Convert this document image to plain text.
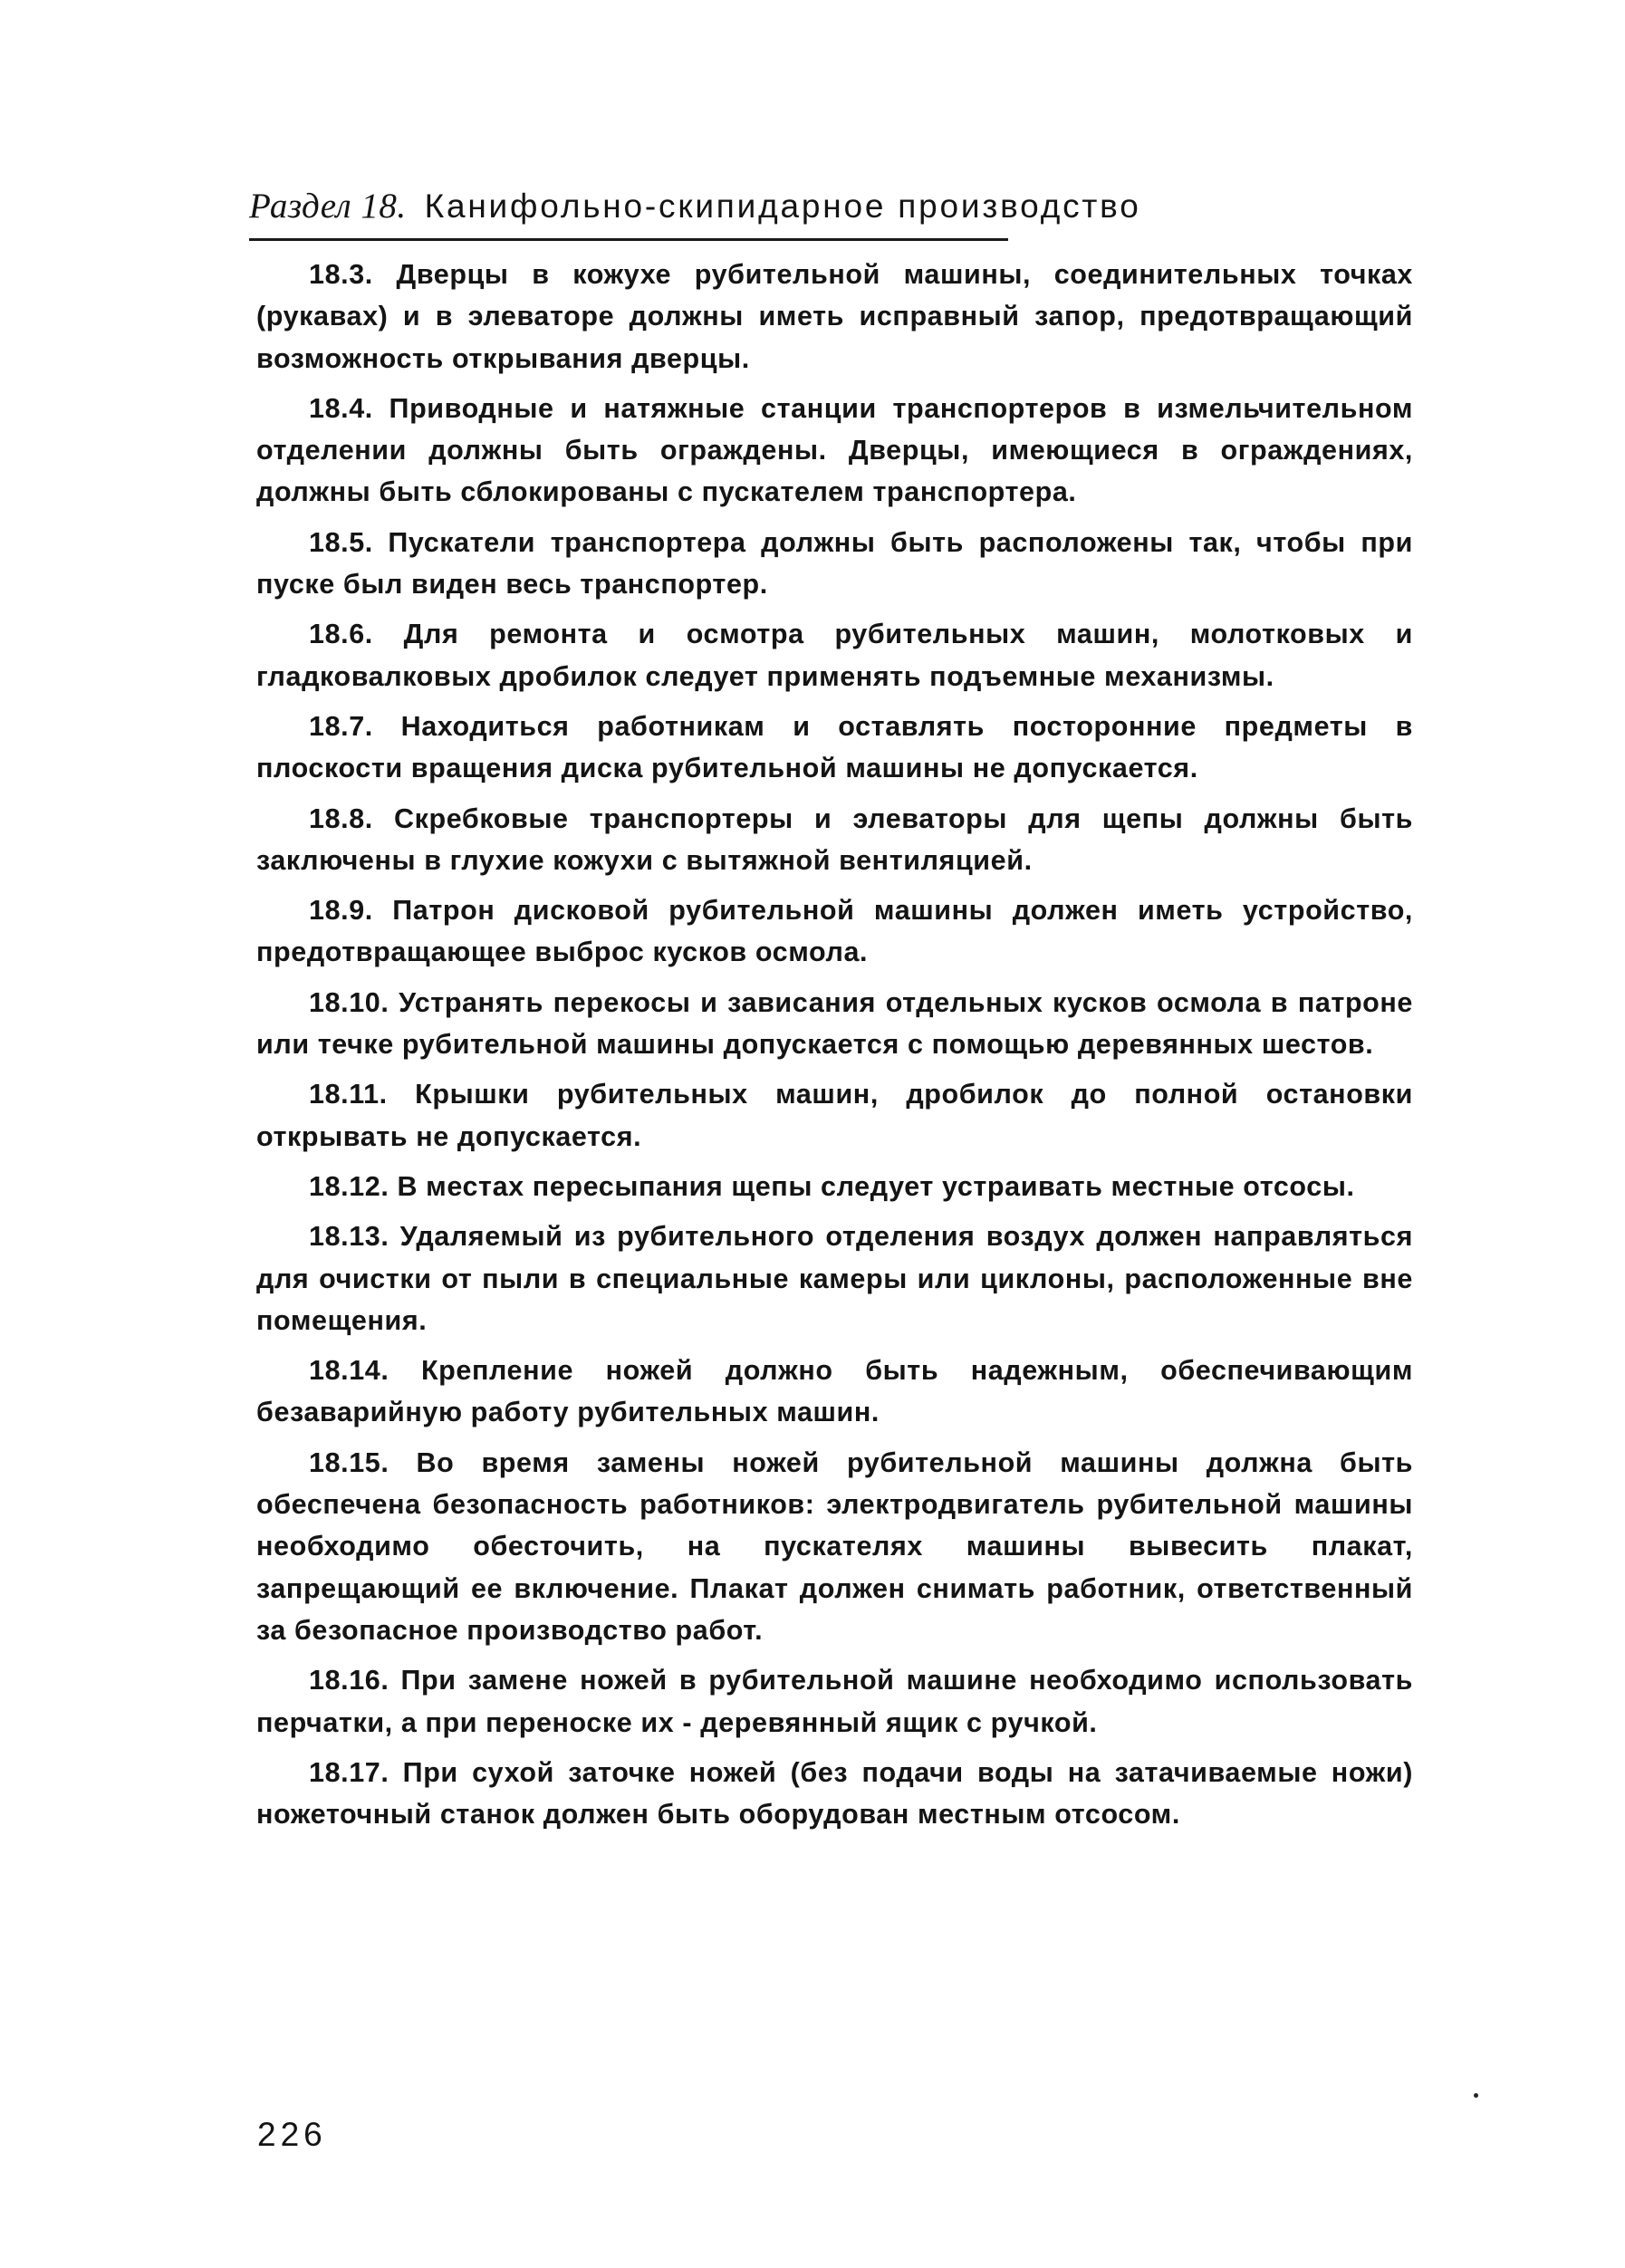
Раздел 18. Канифольно-скипидарное производство

18.3. Дверцы в кожухе рубительной машины, соединительных точках (рукавах) и в элеваторе должны иметь исправный запор, предотвращающий возможность открывания дверцы.

18.4. Приводные и натяжные станции транспортеров в измельчительном отделении должны быть ограждены. Дверцы, имеющиеся в ограждениях, должны быть сблокированы с пускателем транспортера.

18.5. Пускатели транспортера должны быть расположены так, чтобы при пуске был виден весь транспортер.

18.6. Для ремонта и осмотра рубительных машин, молотковых и гладковалковых дробилок следует применять подъемные механизмы.

18.7. Находиться работникам и оставлять посторонние предметы в плоскости вращения диска рубительной машины не допускается.

18.8. Скребковые транспортеры и элеваторы для щепы должны быть заключены в глухие кожухи с вытяжной вентиляцией.

18.9. Патрон дисковой рубительной машины должен иметь устройство, предотвращающее выброс кусков осмола.

18.10. Устранять перекосы и зависания отдельных кусков осмола в патроне или течке рубительной машины допускается с помощью деревянных шестов.

18.11. Крышки рубительных машин, дробилок до полной остановки открывать не допускается.

18.12. В местах пересыпания щепы следует устраивать местные отсосы.

18.13. Удаляемый из рубительного отделения воздух должен направляться для очистки от пыли в специальные камеры или циклоны, расположенные вне помещения.

18.14. Крепление ножей должно быть надежным, обеспечивающим безаварийную работу рубительных машин.

18.15. Во время замены ножей рубительной машины должна быть обеспечена безопасность работников: электродвигатель рубительной машины необходимо обесточить, на пускателях машины вывесить плакат, запрещающий ее включение. Плакат должен снимать работник, ответственный за безопасное производство работ.

18.16. При замене ножей в рубительной машине необходимо использовать перчатки, а при переноске их - деревянный ящик с ручкой.

18.17. При сухой заточке ножей (без подачи воды на затачиваемые ножи) ножеточный станок должен быть оборудован местным отсосом.

226
